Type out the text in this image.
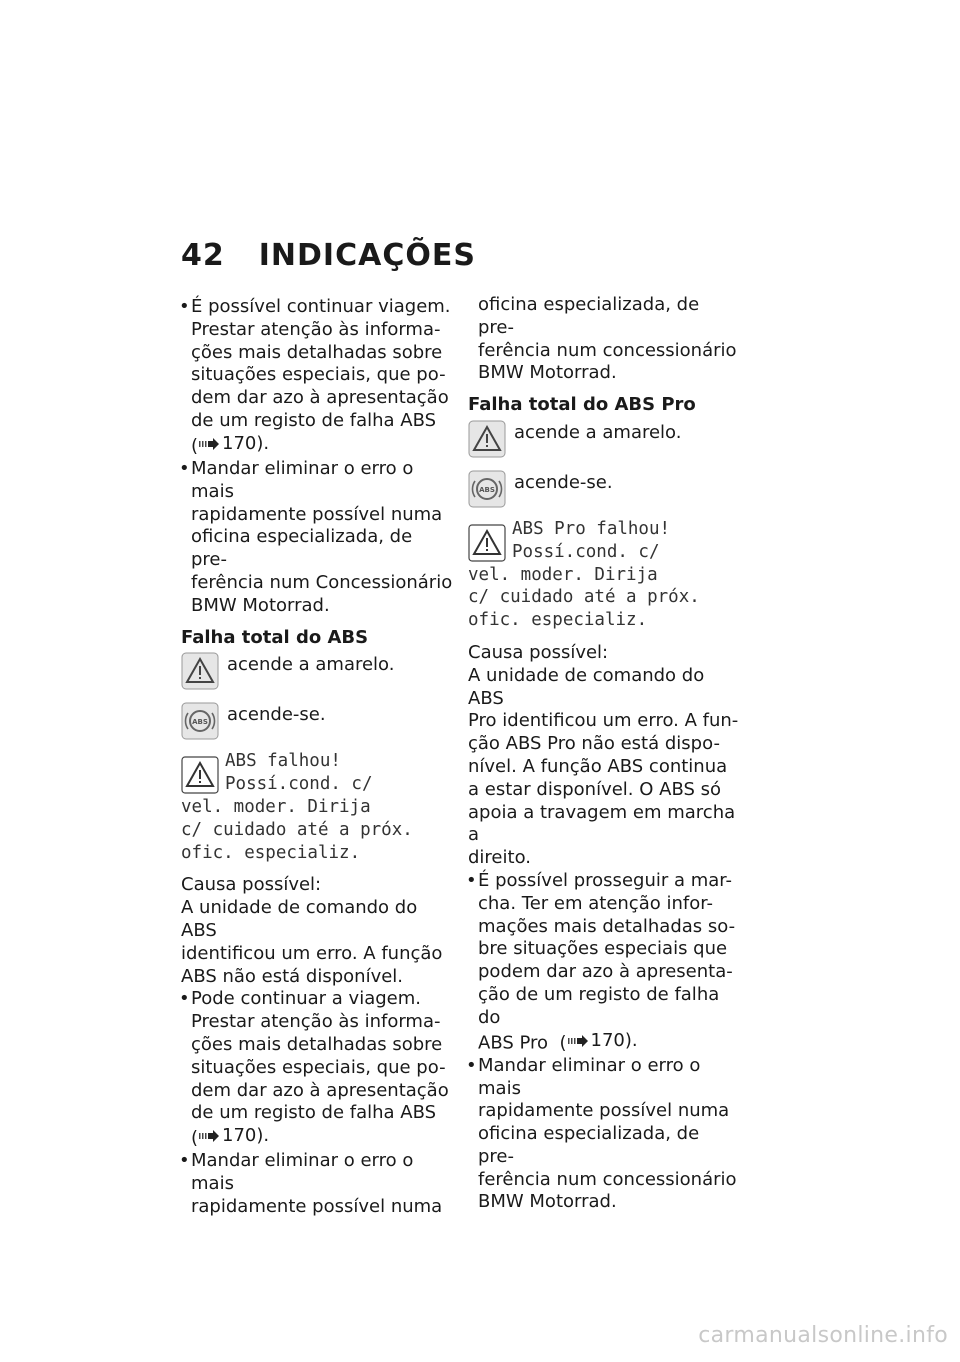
42 INDICAÇÕES
• É possível continuar viagem.
Prestar atenção às informa-
ções mais detalhadas sobre
situações especiais, que po-
dem dar azo à apresentação
de um registo de falha ABS
( 170).
• Mandar eliminar o erro o mais
rapidamente possível numa
oficina especializada, de pre-
ferência num Concessionário
BMW Motorrad.
Falha total do ABS
acende a amarelo.
ABS acende-se.
ABS falhou!
Possí.cond. c/
vel. moder. Dirija
c/ cuidado até a próx.
ofic. especializ.

Causa possível:

A unidade de comando do ABS

identificou um erro. A função

ABS não está disponível.

• Pode continuar a viagem.
Prestar atenção às informa-
ções mais detalhadas sobre
situações especiais, que po-
dem dar azo à apresentação
de um registo de falha ABS
( 170).
• Mandar eliminar o erro o mais
rapidamente possível numa
oficina especializada, de pre-
ferência num concessionário
BMW Motorrad.
Falha total do ABS Pro
acende a amarelo.
ABS acende-se.
ABS Pro falhou!
Possí.cond. c/
vel. moder. Dirija
c/ cuidado até a próx.
ofic. especializ.

Causa possível:

A unidade de comando do ABS

Pro identificou um erro. A fun-

ção ABS Pro não está dispo-

nível. A função ABS continua

a estar disponível. O ABS só

apoia a travagem em marcha a

direito.

• É possível prosseguir a mar-
cha. Ter em atenção infor-
mações mais detalhadas so-
bre situações especiais que
podem dar azo à apresenta-
ção de um registo de falha do
ABS Pro  ( 170).
• Mandar eliminar o erro o mais
rapidamente possível numa
oficina especializada, de pre-
ferência num concessionário
BMW Motorrad.
carmanualsonline.info
